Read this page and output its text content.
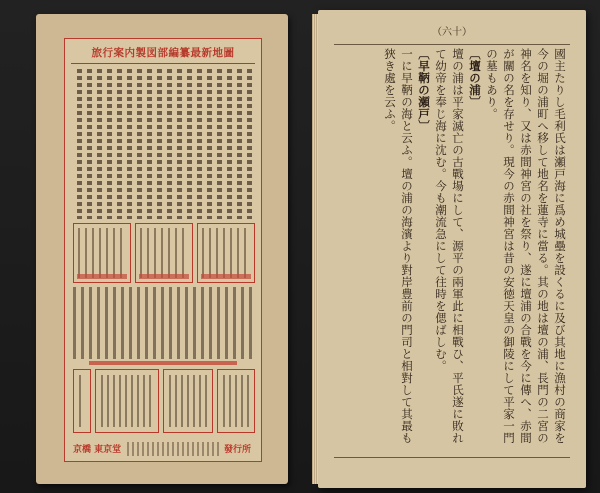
旅行案内製図部編纂最新地圖
京橋 東京堂	發行所
（六十）

國主たりし毛利氏は瀬戸海に爲め城壘を設くるに及び其地に漁村の商家を今の堀の浦町へ移して地名を蓮寺に當る。其の地は壇の浦、長門の二宮の神名を知り、又は赤間神宮の社を祭り、遂に壇浦の合戰を今に傳へ、赤間が關の名を存せり。現今の赤間神宮は昔の安徳天皇の御陵にして平家一門の墓もあり。

〔壇の浦〕

壇の浦は平家滅亡の古戰場にして、源平の兩軍此に相戰ひ、平氏遂に敗れて幼帝を奉じ海に沈む。今も潮流急にして往時を偲ばしむ。

〔早鞆の瀬戸〕

一に早鞆の海と云ふ。壇の浦の海濱より對岸豊前の門司と相對して其最も狹き處を云ふ。
